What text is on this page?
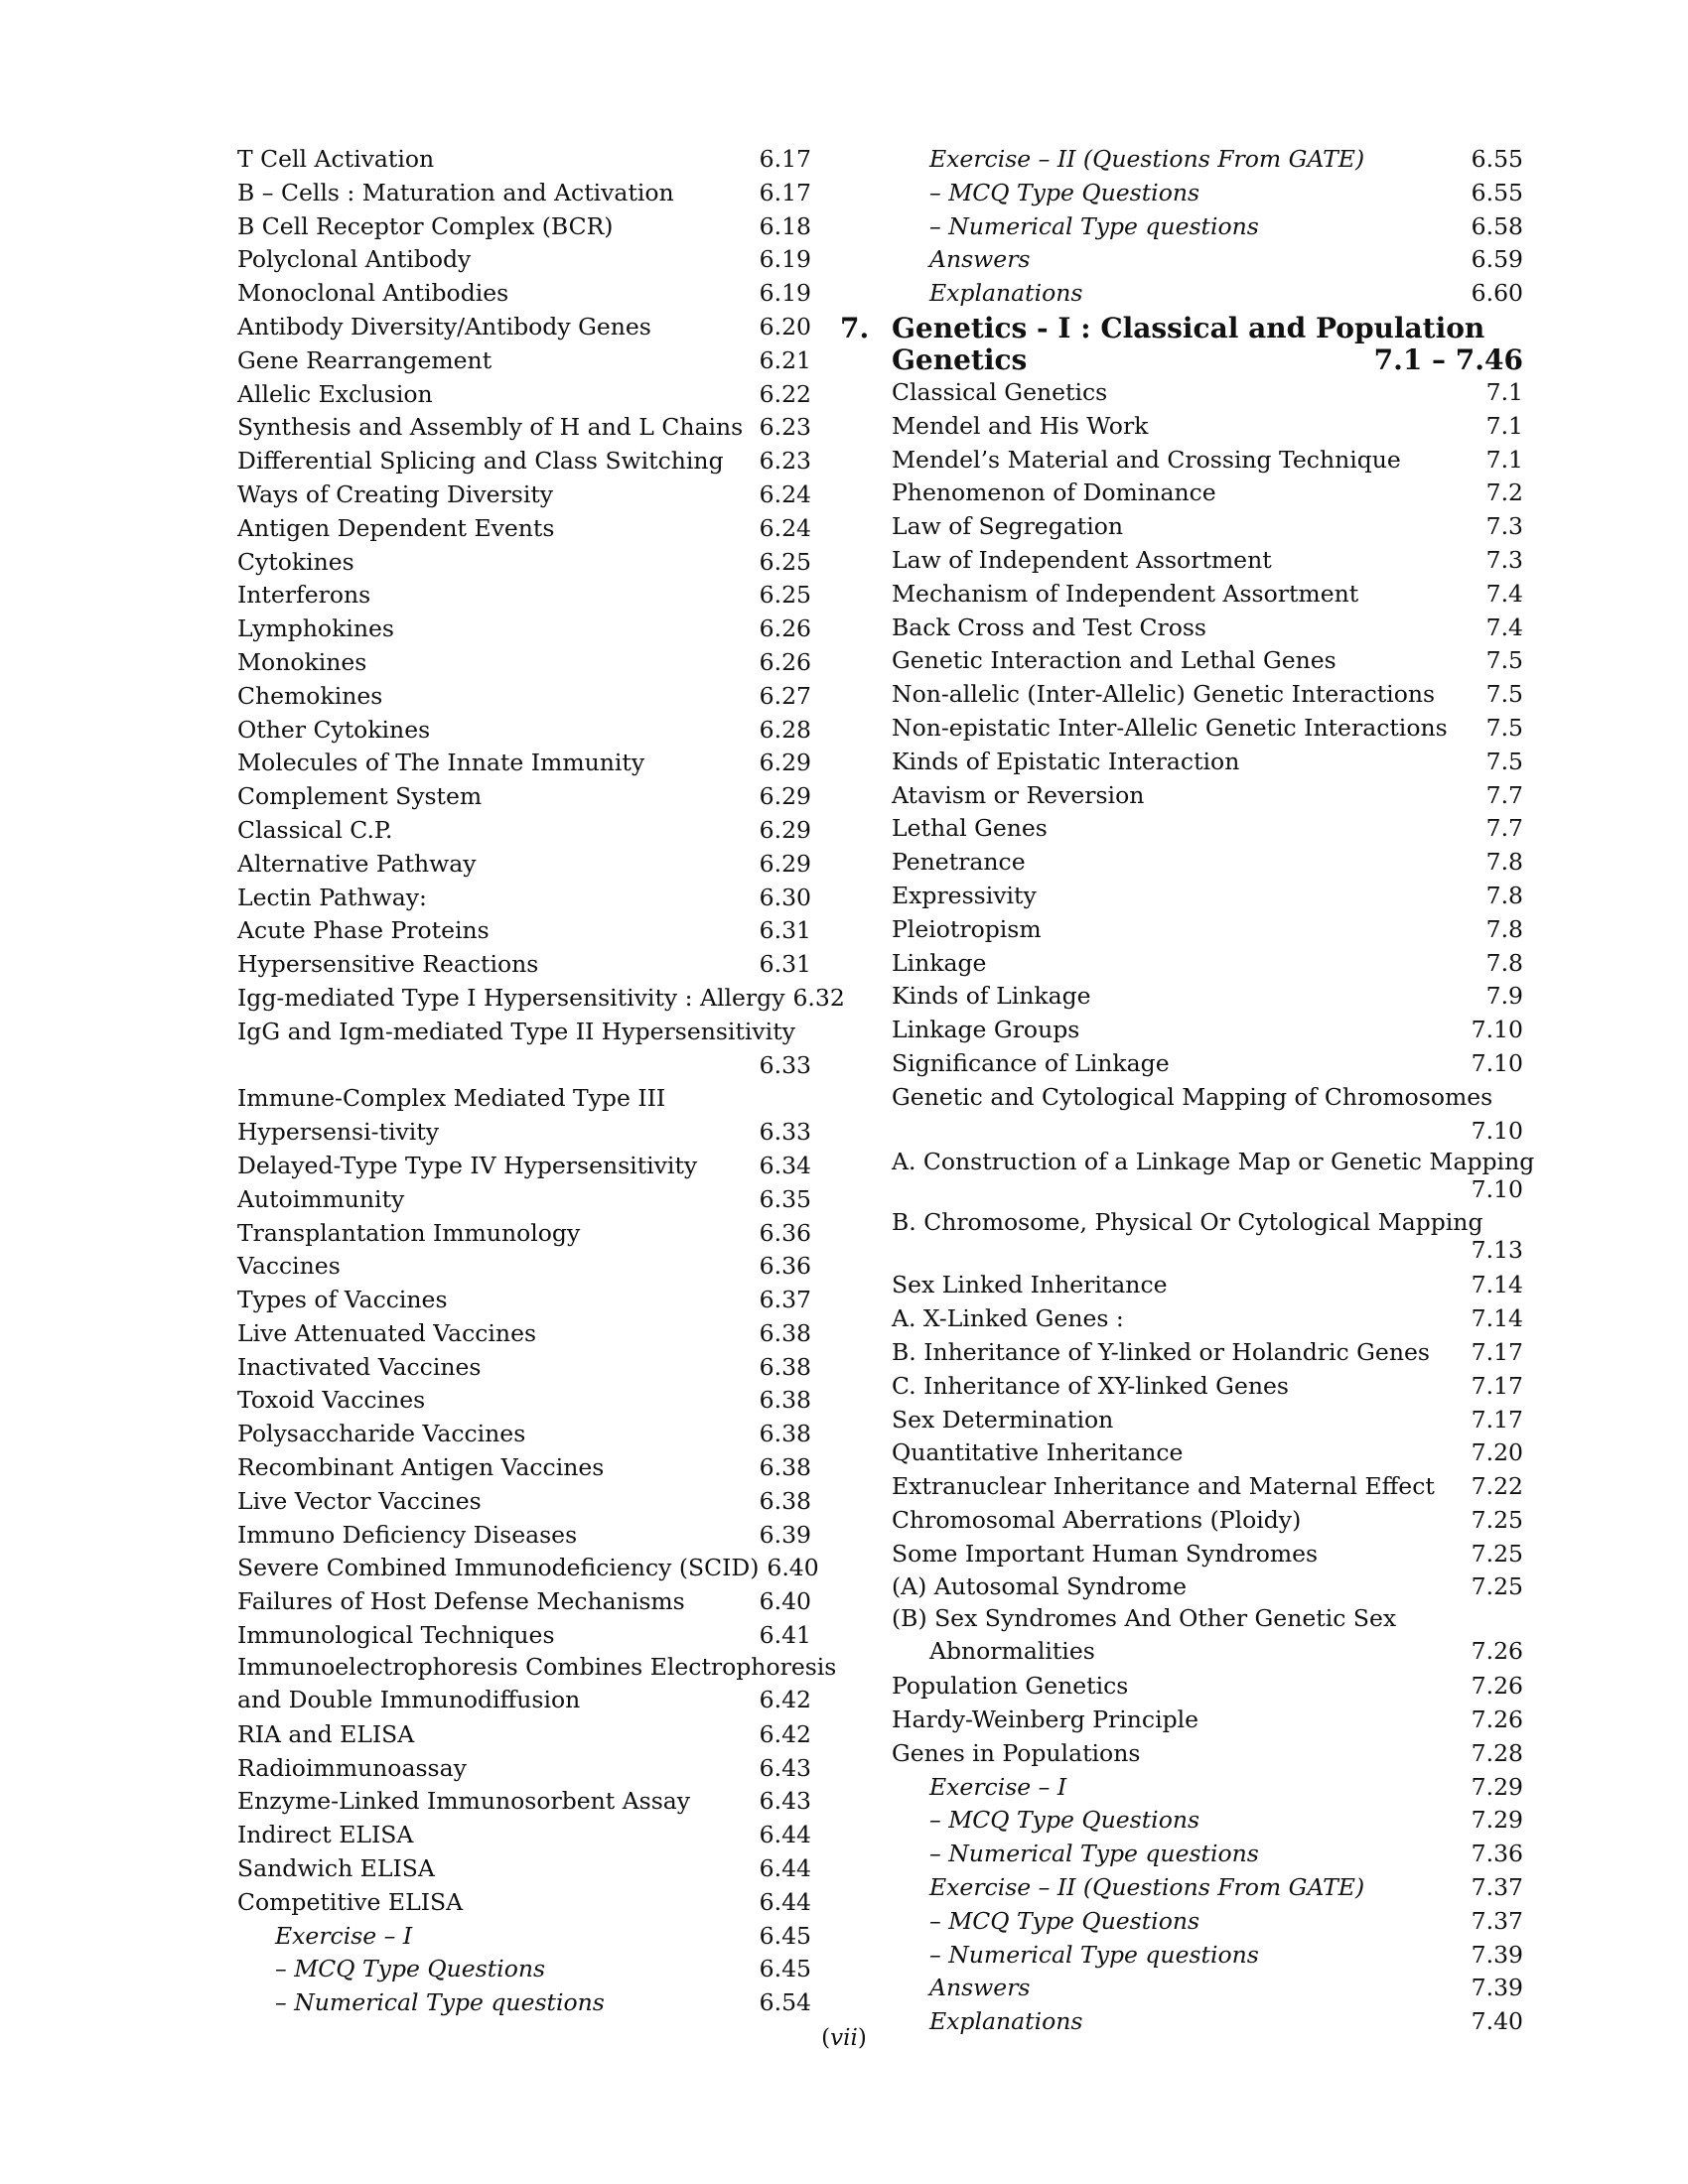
T Cell Activation	6.17
B – Cells : Maturation and Activation	6.17
B Cell Receptor Complex (BCR)	6.18
Polyclonal Antibody	6.19
Monoclonal Antibodies	6.19
Antibody Diversity/Antibody Genes	6.20
Gene Rearrangement	6.21
Allelic Exclusion	6.22
Synthesis and Assembly of H and L Chains 6.23
Differential Splicing and Class Switching	6.23
Ways of Creating Diversity	6.24
Antigen Dependent Events	6.24
Cytokines	6.25
Interferons	6.25
Lymphokines	6.26
Monokines	6.26
Chemokines	6.27
Other Cytokines	6.28
Molecules of The Innate Immunity	6.29
Complement System	6.29
Classical C.P.	6.29
Alternative Pathway	6.29
Lectin Pathway:	6.30
Acute Phase Proteins	6.31
Hypersensitive Reactions	6.31
Igg-mediated Type I Hypersensitivity : Allergy 6.32
IgG and Igm-mediated Type II Hypersensitivity
6.33
Immune-Complex Mediated Type III
Hypersensi-tivity	6.33
Delayed-Type Type IV Hypersensitivity	6.34
Autoimmunity	6.35
Transplantation Immunology	6.36
Vaccines	6.36
Types of Vaccines	6.37
Live Attenuated Vaccines	6.38
Inactivated Vaccines	6.38
Toxoid Vaccines	6.38
Polysaccharide Vaccines	6.38
Recombinant Antigen Vaccines	6.38
Live Vector Vaccines	6.38
Immuno Deficiency Diseases	6.39
Severe Combined Immunodeficiency (SCID) 6.40
Failures of Host Defense Mechanisms	6.40
Immunological Techniques	6.41
Immunoelectrophoresis Combines Electrophoresis
and Double Immunodiffusion	6.42
RIA and ELISA	6.42
Radioimmunoassay	6.43
Enzyme-Linked Immunosorbent Assay	6.43
Indirect ELISA	6.44
Sandwich ELISA	6.44
Competitive ELISA	6.44
Exercise – I	6.45
– MCQ Type Questions	6.45
– Numerical Type questions	6.54
Exercise – II (Questions From GATE)	6.55
– MCQ Type Questions	6.55
– Numerical Type questions	6.58
Answers	6.59
Explanations	6.60
7. Genetics - I : Classical and Population
Genetics	7.1 – 7.46
Classical Genetics	7.1
Mendel and His Work	7.1
Mendel’s Material and Crossing Technique	7.1
Phenomenon of Dominance	7.2
Law of Segregation	7.3
Law of Independent Assortment	7.3
Mechanism of Independent Assortment	7.4
Back Cross and Test Cross	7.4
Genetic Interaction and Lethal Genes	7.5
Non-allelic (Inter-Allelic) Genetic Interactions	7.5
Non-epistatic Inter-Allelic Genetic Interactions	7.5
Kinds of Epistatic Interaction	7.5
Atavism or Reversion	7.7
Lethal Genes	7.7
Penetrance	7.8
Expressivity	7.8
Pleiotropism	7.8
Linkage	7.8
Kinds of Linkage	7.9
Linkage Groups	7.10
Significance of Linkage	7.10
Genetic and Cytological Mapping of Chromosomes
7.10
A. Construction of a Linkage Map or Genetic Mapping
7.10
B. Chromosome, Physical Or Cytological Mapping
7.13
Sex Linked Inheritance	7.14
A. X-Linked Genes :	7.14
B. Inheritance of Y-linked or Holandric Genes	7.17
C. Inheritance of XY-linked Genes	7.17
Sex Determination	7.17
Quantitative Inheritance	7.20
Extranuclear Inheritance and Maternal Effect	7.22
Chromosomal Aberrations (Ploidy)	7.25
Some Important Human Syndromes	7.25
(A) Autosomal Syndrome	7.25
(B) Sex Syndromes And Other Genetic Sex
Abnormalities	7.26
Population Genetics	7.26
Hardy-Weinberg Principle	7.26
Genes in Populations	7.28
Exercise – I	7.29
– MCQ Type Questions	7.29
– Numerical Type questions	7.36
Exercise – II (Questions From GATE)	7.37
– MCQ Type Questions	7.37
– Numerical Type questions	7.39
Answers	7.39
Explanations	7.40
(vii)
